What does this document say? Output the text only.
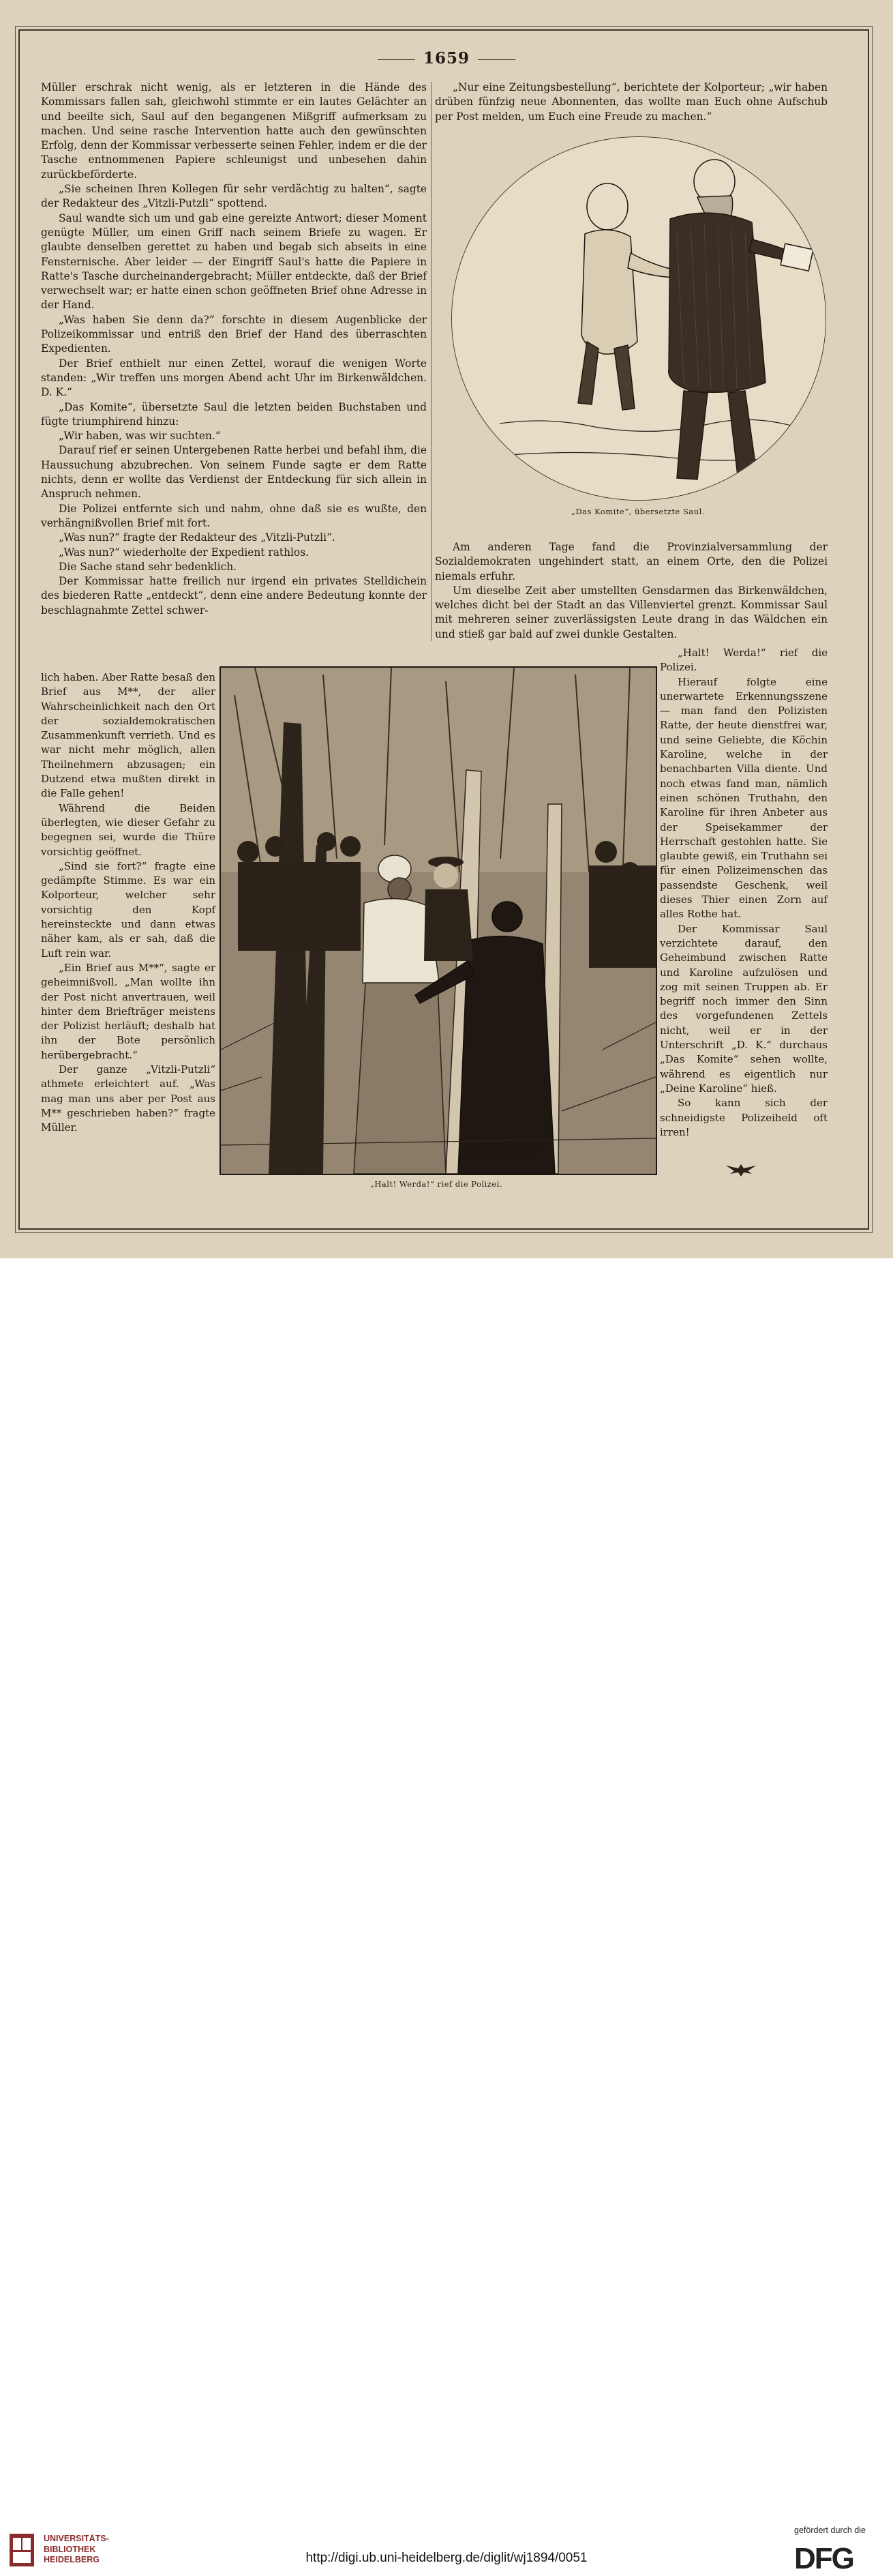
1659

Müller erschrak nicht wenig, als er letzteren in die Hände des Kommissars fallen sah, gleichwohl stimmte er ein lautes Gelächter an und beeilte sich, Saul auf den begangenen Mißgriff aufmerksam zu machen. Und seine rasche Intervention hatte auch den gewünschten Erfolg, denn der Kommissar verbesserte seinen Fehler, indem er die der Tasche entnommenen Papiere schleunigst und unbesehen dahin zurückbeförderte.

„Sie scheinen Ihren Kollegen für sehr verdächtig zu halten“, sagte der Redakteur des „Vitzli-Putzli“ spottend.

Saul wandte sich um und gab eine gereizte Antwort; dieser Moment genügte Müller, um einen Griff nach seinem Briefe zu wagen. Er glaubte denselben gerettet zu haben und begab sich abseits in eine Fensternische. Aber leider — der Eingriff Saul's hatte die Papiere in Ratte's Tasche durcheinandergebracht; Müller entdeckte, daß der Brief verwechselt war; er hatte einen schon geöffneten Brief ohne Adresse in der Hand.

„Was haben Sie denn da?“ forschte in diesem Augenblicke der Polizeikommissar und entriß den Brief der Hand des überraschten Expedienten.

Der Brief enthielt nur einen Zettel, worauf die wenigen Worte standen: „Wir treffen uns morgen Abend acht Uhr im Birkenwäldchen. D. K.“

„Das Komite“, übersetzte Saul die letzten beiden Buchstaben und fügte triumphirend hinzu:

„Wir haben, was wir suchten.“

Darauf rief er seinen Untergebenen Ratte herbei und befahl ihm, die Haussuchung abzubrechen. Von seinem Funde sagte er dem Ratte nichts, denn er wollte das Verdienst der Entdeckung für sich allein in Anspruch nehmen.

Die Polizei entfernte sich und nahm, ohne daß sie es wußte, den verhängnißvollen Brief mit fort.

„Was nun?“ fragte der Redakteur des „Vitzli-Putzli“.

„Was nun?“ wiederholte der Expedient rathlos.

Die Sache stand sehr bedenklich.

Der Kommissar hatte freilich nur irgend ein privates Stelldichein des biederen Ratte „entdeckt“, denn eine andere Bedeutung konnte der beschlagnahmte Zettel schwer-

lich haben. Aber Ratte besaß den Brief aus M**, der aller Wahrscheinlichkeit nach den Ort der sozialdemokratischen Zusammenkunft verrieth. Und es war nicht mehr möglich, allen Theilnehmern abzusagen; ein Dutzend etwa mußten direkt in die Falle gehen!

Während die Beiden überlegten, wie dieser Gefahr zu begegnen sei, wurde die Thüre vorsichtig geöffnet.

„Sind sie fort?“ fragte eine gedämpfte Stimme. Es war ein Kolporteur, welcher sehr vorsichtig den Kopf hereinsteckte und dann etwas näher kam, als er sah, daß die Luft rein war.

„Ein Brief aus M**“, sagte er geheimnißvoll. „Man wollte ihn der Post nicht anvertrauen, weil hinter dem Briefträger meistens der Polizist herläuft; deshalb hat ihn der Bote persönlich herübergebracht.“

Der ganze „Vitzli-Putzli“ athmete erleichtert auf. „Was mag man uns aber per Post aus M** geschrieben haben?“ fragte Müller.

„Nur eine Zeitungsbestellung“, berichtete der Kolporteur; „wir haben drüben fünfzig neue Abonnenten, das wollte man Euch ohne Aufschub per Post melden, um Euch eine Freude zu machen.“

„Das Komite“, übersetzte Saul.

Am anderen Tage fand die Provinzialversammlung der Sozialdemokraten ungehindert statt, an einem Orte, den die Polizei niemals erfuhr.

Um dieselbe Zeit aber umstellten Gensdarmen das Birkenwäldchen, welches dicht bei der Stadt an das Villenviertel grenzt. Kommissar Saul mit mehreren seiner zuverlässigsten Leute drang in das Wäldchen ein und stieß gar bald auf zwei dunkle Gestalten.

A.G.Jejtzscz 93
„Halt! Werda!“ rief die Polizei.

„Halt! Werda!“ rief die Polizei.

Hierauf folgte eine unerwartete Erkennungsszene — man fand den Polizisten Ratte, der heute dienstfrei war, und seine Geliebte, die Köchin Karoline, welche in der benachbarten Villa diente. Und noch etwas fand man, nämlich einen schönen Truthahn, den Karoline für ihren Anbeter aus der Speisekammer der Herrschaft gestohlen hatte. Sie glaubte gewiß, ein Truthahn sei für einen Polizeimenschen das passendste Geschenk, weil dieses Thier einen Zorn auf alles Rothe hat.

Der Kommissar Saul verzichtete darauf, den Geheimbund zwischen Ratte und Karoline aufzulösen und zog mit seinen Truppen ab. Er begriff noch immer den Sinn des vorgefundenen Zettels nicht, weil er in der Unterschrift „D. K.“ durchaus „Das Komite“ sehen wollte, während es eigentlich nur „Deine Karoline“ hieß.

So kann sich der schneidigste Polizeiheld oft irren!

UNIVERSITÄTS-
BIBLIOTHEK
HEIDELBERG	http://digi.ub.uni-heidelberg.de/diglit/wj1894/0051
gefördert durch die
DFG
